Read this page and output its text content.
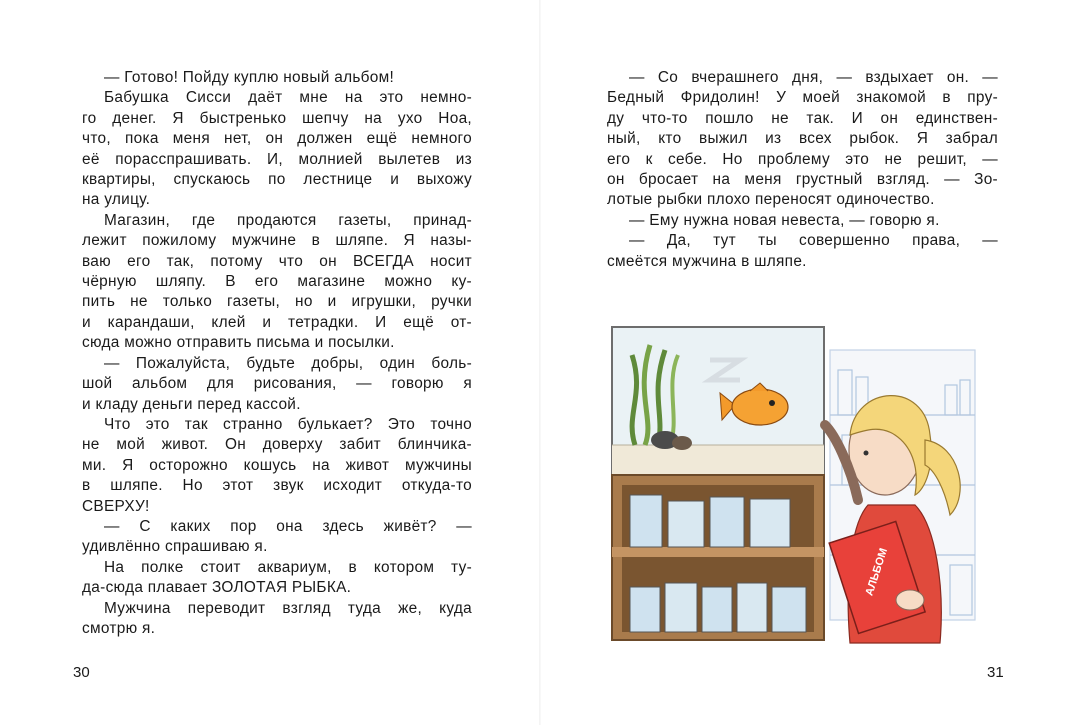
— Готово! Пойду куплю новый альбом!
Бабушка Сисси даёт мне на это немно-
го денег. Я быстренько шепчу на ухо Ноа,
что, пока меня нет, он должен ещё немного
её порасспрашивать. И, молнией вылетев из
квартиры, спускаюсь по лестнице и выхожу
на улицу.
Магазин, где продаются газеты, принад-
лежит пожилому мужчине в шляпе. Я назы-
ваю его так, потому что он ВСЕГДА носит
чёрную шляпу. В его магазине можно ку-
пить не только газеты, но и игрушки, ручки
и карандаши, клей и тетрадки. И ещё от-
сюда можно отправить письма и посылки.
— Пожалуйста, будьте добры, один боль-
шой альбом для рисования, — говорю я
и кладу деньги перед кассой.
Что это так странно булькает? Это точно
не мой живот. Он доверху забит блинчика-
ми. Я осторожно кошусь на живот мужчины
в шляпе. Но этот звук исходит откуда-то
СВЕРХУ!
— С каких пор она здесь живёт? —
удивлённо спрашиваю я.
На полке стоит аквариум, в котором ту-
да-сюда плавает ЗОЛОТАЯ РЫБКА.
Мужчина переводит взгляд туда же, куда
смотрю я.
30
— Со вчерашнего дня, — вздыхает он. —
Бедный Фридолин! У моей знакомой в пру-
ду что-то пошло не так. И он единствен-
ный, кто выжил из всех рыбок. Я забрал
его к себе. Но проблему это не решит, —
он бросает на меня грустный взгляд. — Зо-
лотые рыбки плохо переносят одиночество.
— Ему нужна новая невеста, — говорю я.
— Да, тут ты совершенно права, —
смеётся мужчина в шляпе.
31
АЛЬБОМ
